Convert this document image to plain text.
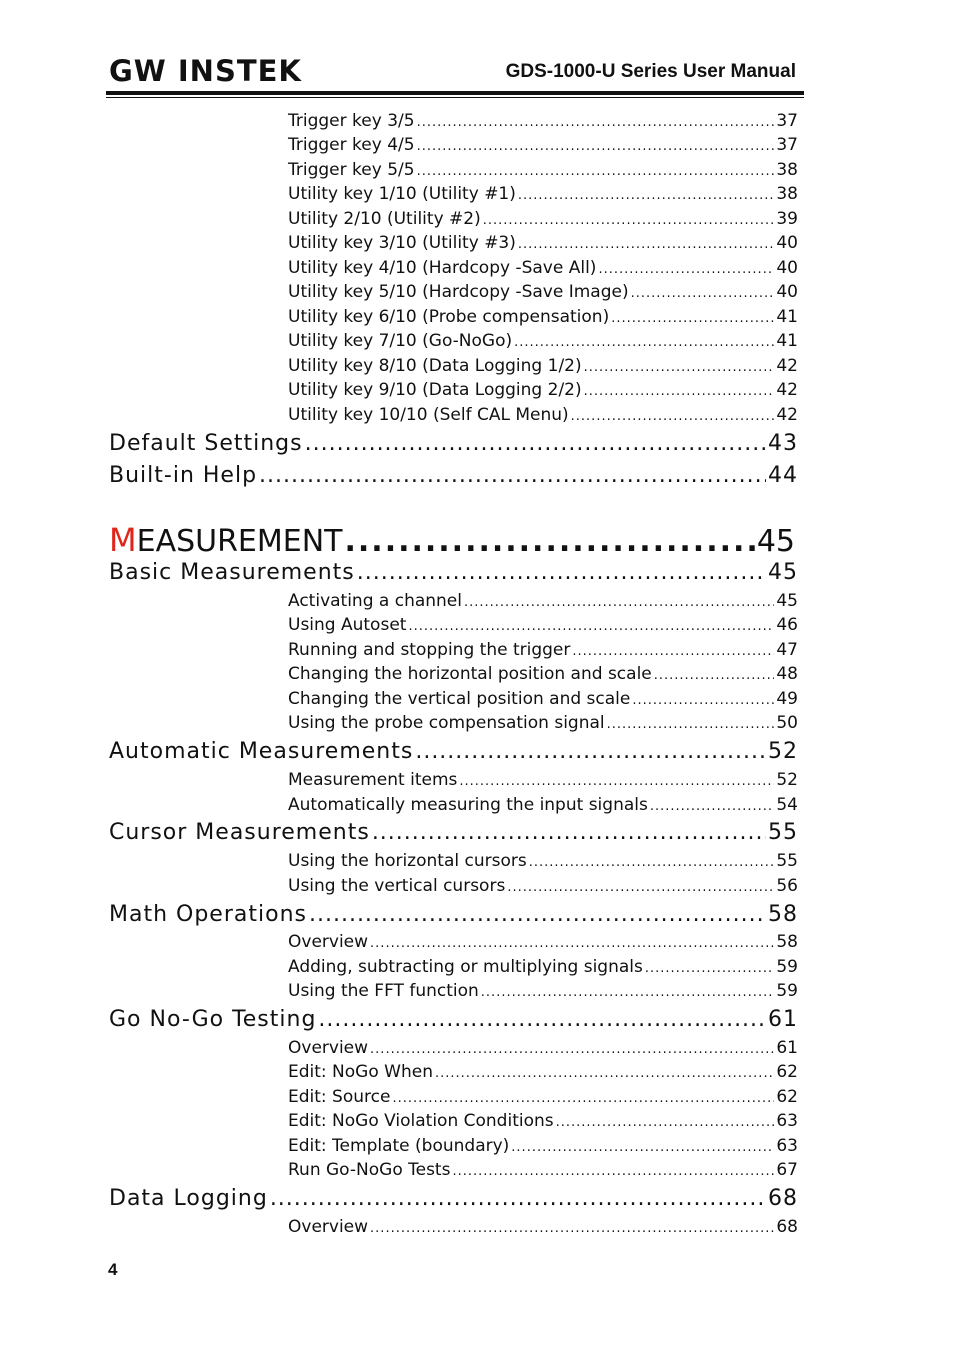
GW INSTEK	GDS-1000-U Series User Manual
Trigger key 3/5 .....	37
Trigger key 4/5 .....	37
Trigger key 5/5 .....	38
Utility key 1/10 (Utility #1) .....	38
Utility 2/10 (Utility #2) .....	39
Utility key 3/10 (Utility #3) .....	40
Utility key 4/10 (Hardcopy -Save All) .....	40
Utility key 5/10 (Hardcopy -Save Image) .....	40
Utility key 6/10 (Probe compensation) .....	41
Utility key 7/10 (Go-NoGo) .....	41
Utility key 8/10 (Data Logging 1/2) .....	42
Utility key 9/10 (Data Logging 2/2) .....	42
Utility key 10/10 (Self CAL Menu) .....	42
Default Settings .....	43
Built-in Help .....	44
MEASUREMENT .....	45
Basic Measurements .....	45
Activating a channel .....	45
Using Autoset .....	46
Running and stopping the trigger .....	47
Changing the horizontal position and scale .....	48
Changing the vertical position and scale .....	49
Using the probe compensation signal .....	50
Automatic Measurements .....	52
Measurement items .....	52
Automatically measuring the input signals .....	54
Cursor Measurements .....	55
Using the horizontal cursors .....	55
Using the vertical cursors .....	56
Math Operations .....	58
Overview .....	58
Adding, subtracting or multiplying signals .....	59
Using the FFT function .....	59
Go No-Go Testing .....	61
Overview .....	61
Edit: NoGo When .....	62
Edit: Source .....	62
Edit: NoGo Violation Conditions .....	63
Edit: Template (boundary) .....	63
Run Go-NoGo Tests .....	67
Data Logging .....	68
Overview .....	68
4
